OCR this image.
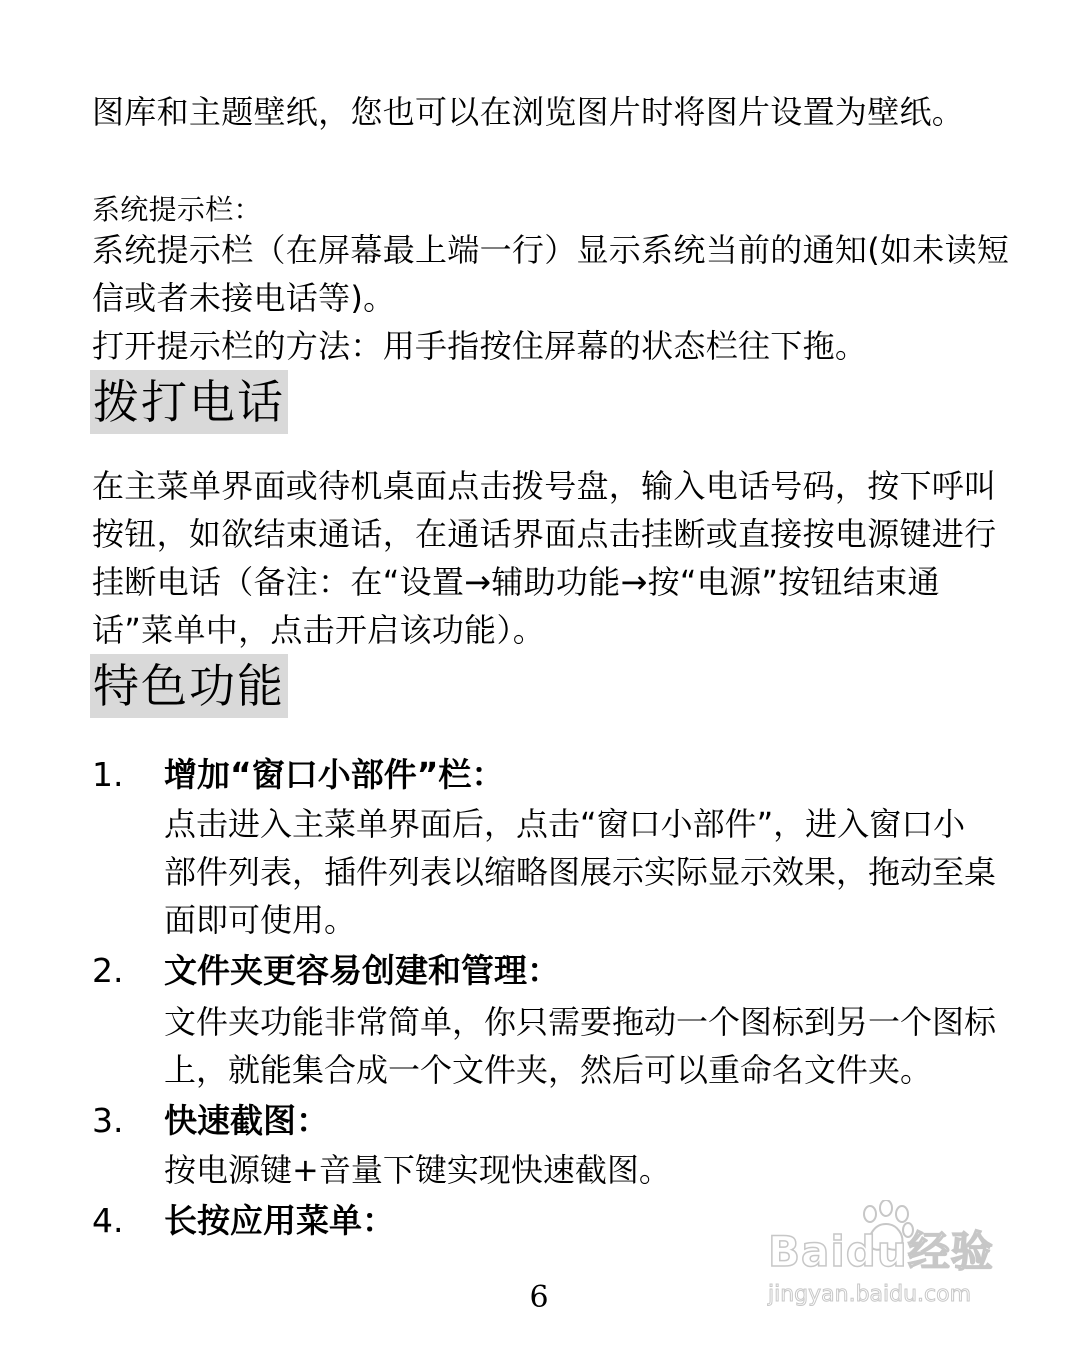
图库和主题壁纸，您也可以在浏览图片时将图片设置为壁纸。
系统提示栏：
系统提示栏（在屏幕最上端一行）显示系统当前的通知(如未读短
信或者未接电话等)。
打开提示栏的方法：用手指按住屏幕的状态栏往下拖。
拨打电话
在主菜单界面或待机桌面点击拨号盘，输入电话号码，按下呼叫
按钮，如欲结束通话，在通话界面点击挂断或直接按电源键进行
挂断电话（备注：在“设置→辅助功能→按“电源”按钮结束通
话”菜单中，点击开启该功能）。
特色功能
1. 增加“窗口小部件”栏：
点击进入主菜单界面后，点击“窗口小部件”，进入窗口小
部件列表，插件列表以缩略图展示实际显示效果，拖动至桌
面即可使用。
2. 文件夹更容易创建和管理：
文件夹功能非常简单，你只需要拖动一个图标到另一个图标
上，就能集合成一个文件夹，然后可以重命名文件夹。
3. 快速截图：
按电源键+音量下键实现快速截图。
4. 长按应用菜单：
6
Baidu经验
jingyan.baidu.com
